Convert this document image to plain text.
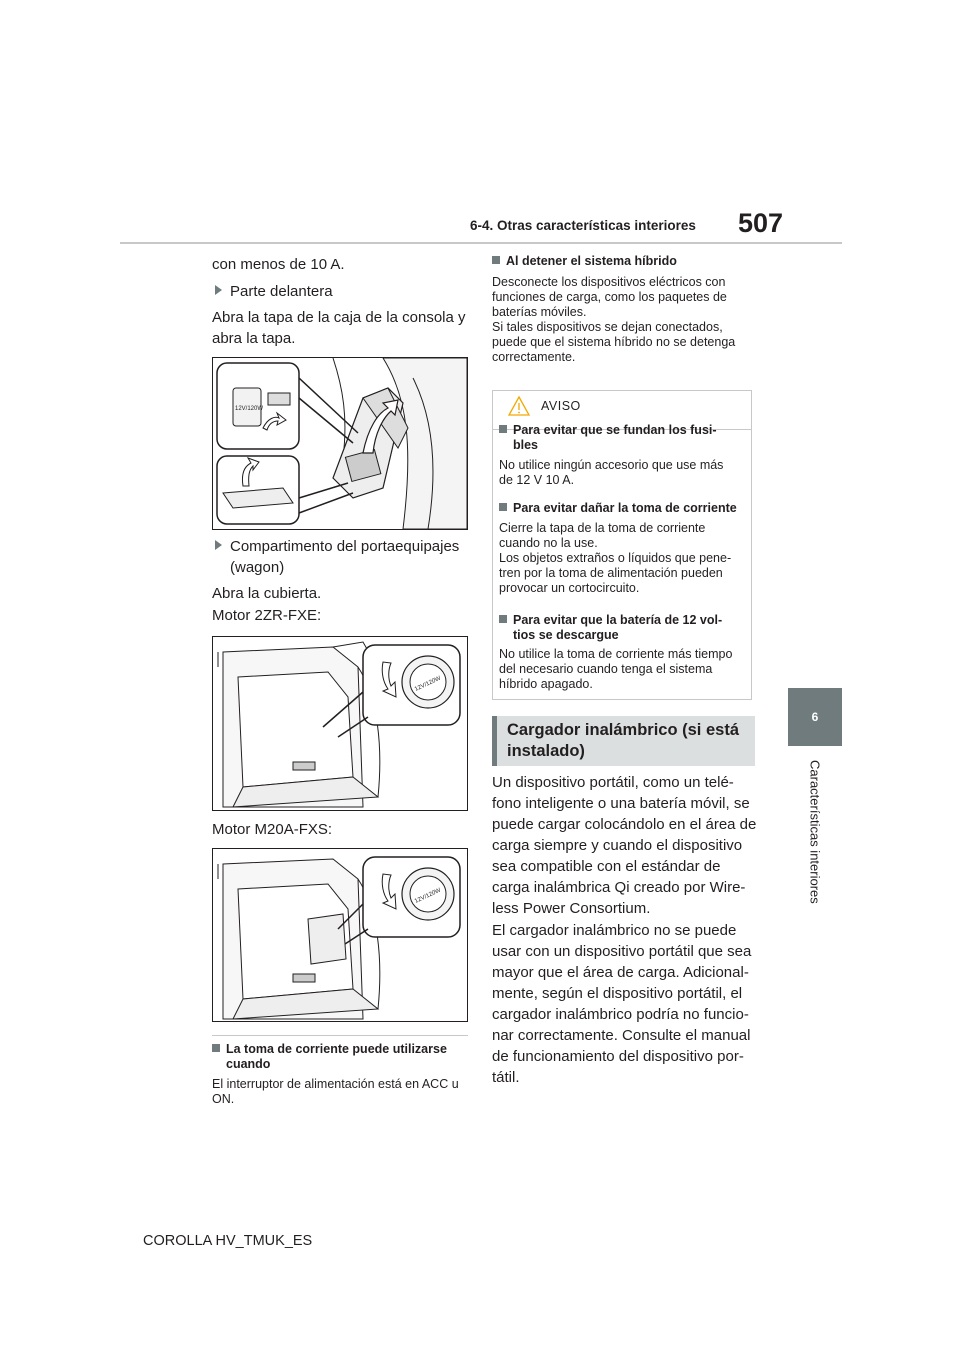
6-4. Otras características interiores 507
6
Características interiores
con menos de 10 A.
Parte delantera
Abra la tapa de la caja de la consola y
abra la tapa.
12V/120W
Compartimento del portaequipajes
(wagon)
Abra la cubierta.
Motor 2ZR-FXE:
12V/120W
Motor M20A-FXS:
12V/120W
La toma de corriente puede utilizarse
cuando
El interruptor de alimentación está en ACC u
ON.
Al detener el sistema híbrido
Desconecte los dispositivos eléctricos con
funciones de carga, como los paquetes de
baterías móviles.
Si tales dispositivos se dejan conectados,
puede que el sistema híbrido no se detenga
correctamente.
AVISO
Para evitar que se fundan los fusi-
bles
No utilice ningún accesorio que use más
de 12 V 10 A.
Para evitar dañar la toma de corriente
Cierre la tapa de la toma de corriente
cuando no la use.
Los objetos extraños o líquidos que pene-
tren por la toma de alimentación pueden
provocar un cortocircuito.
Para evitar que la batería de 12 vol-
tios se descargue
No utilice la toma de corriente más tiempo
del necesario cuando tenga el sistema
híbrido apagado.
Cargador inalámbrico (si está
instalado)
Un dispositivo portátil, como un telé-
fono inteligente o una batería móvil, se
puede cargar colocándolo en el área de
carga siempre y cuando el dispositivo
sea compatible con el estándar de
carga inalámbrica Qi creado por Wire-
less Power Consortium.
El cargador inalámbrico no se puede
usar con un dispositivo portátil que sea
mayor que el área de carga. Adicional-
mente, según el dispositivo portátil, el
cargador inalámbrico podría no funcio-
nar correctamente. Consulte el manual
de funcionamiento del dispositivo por-
tátil.
COROLLA HV_TMUK_ES
